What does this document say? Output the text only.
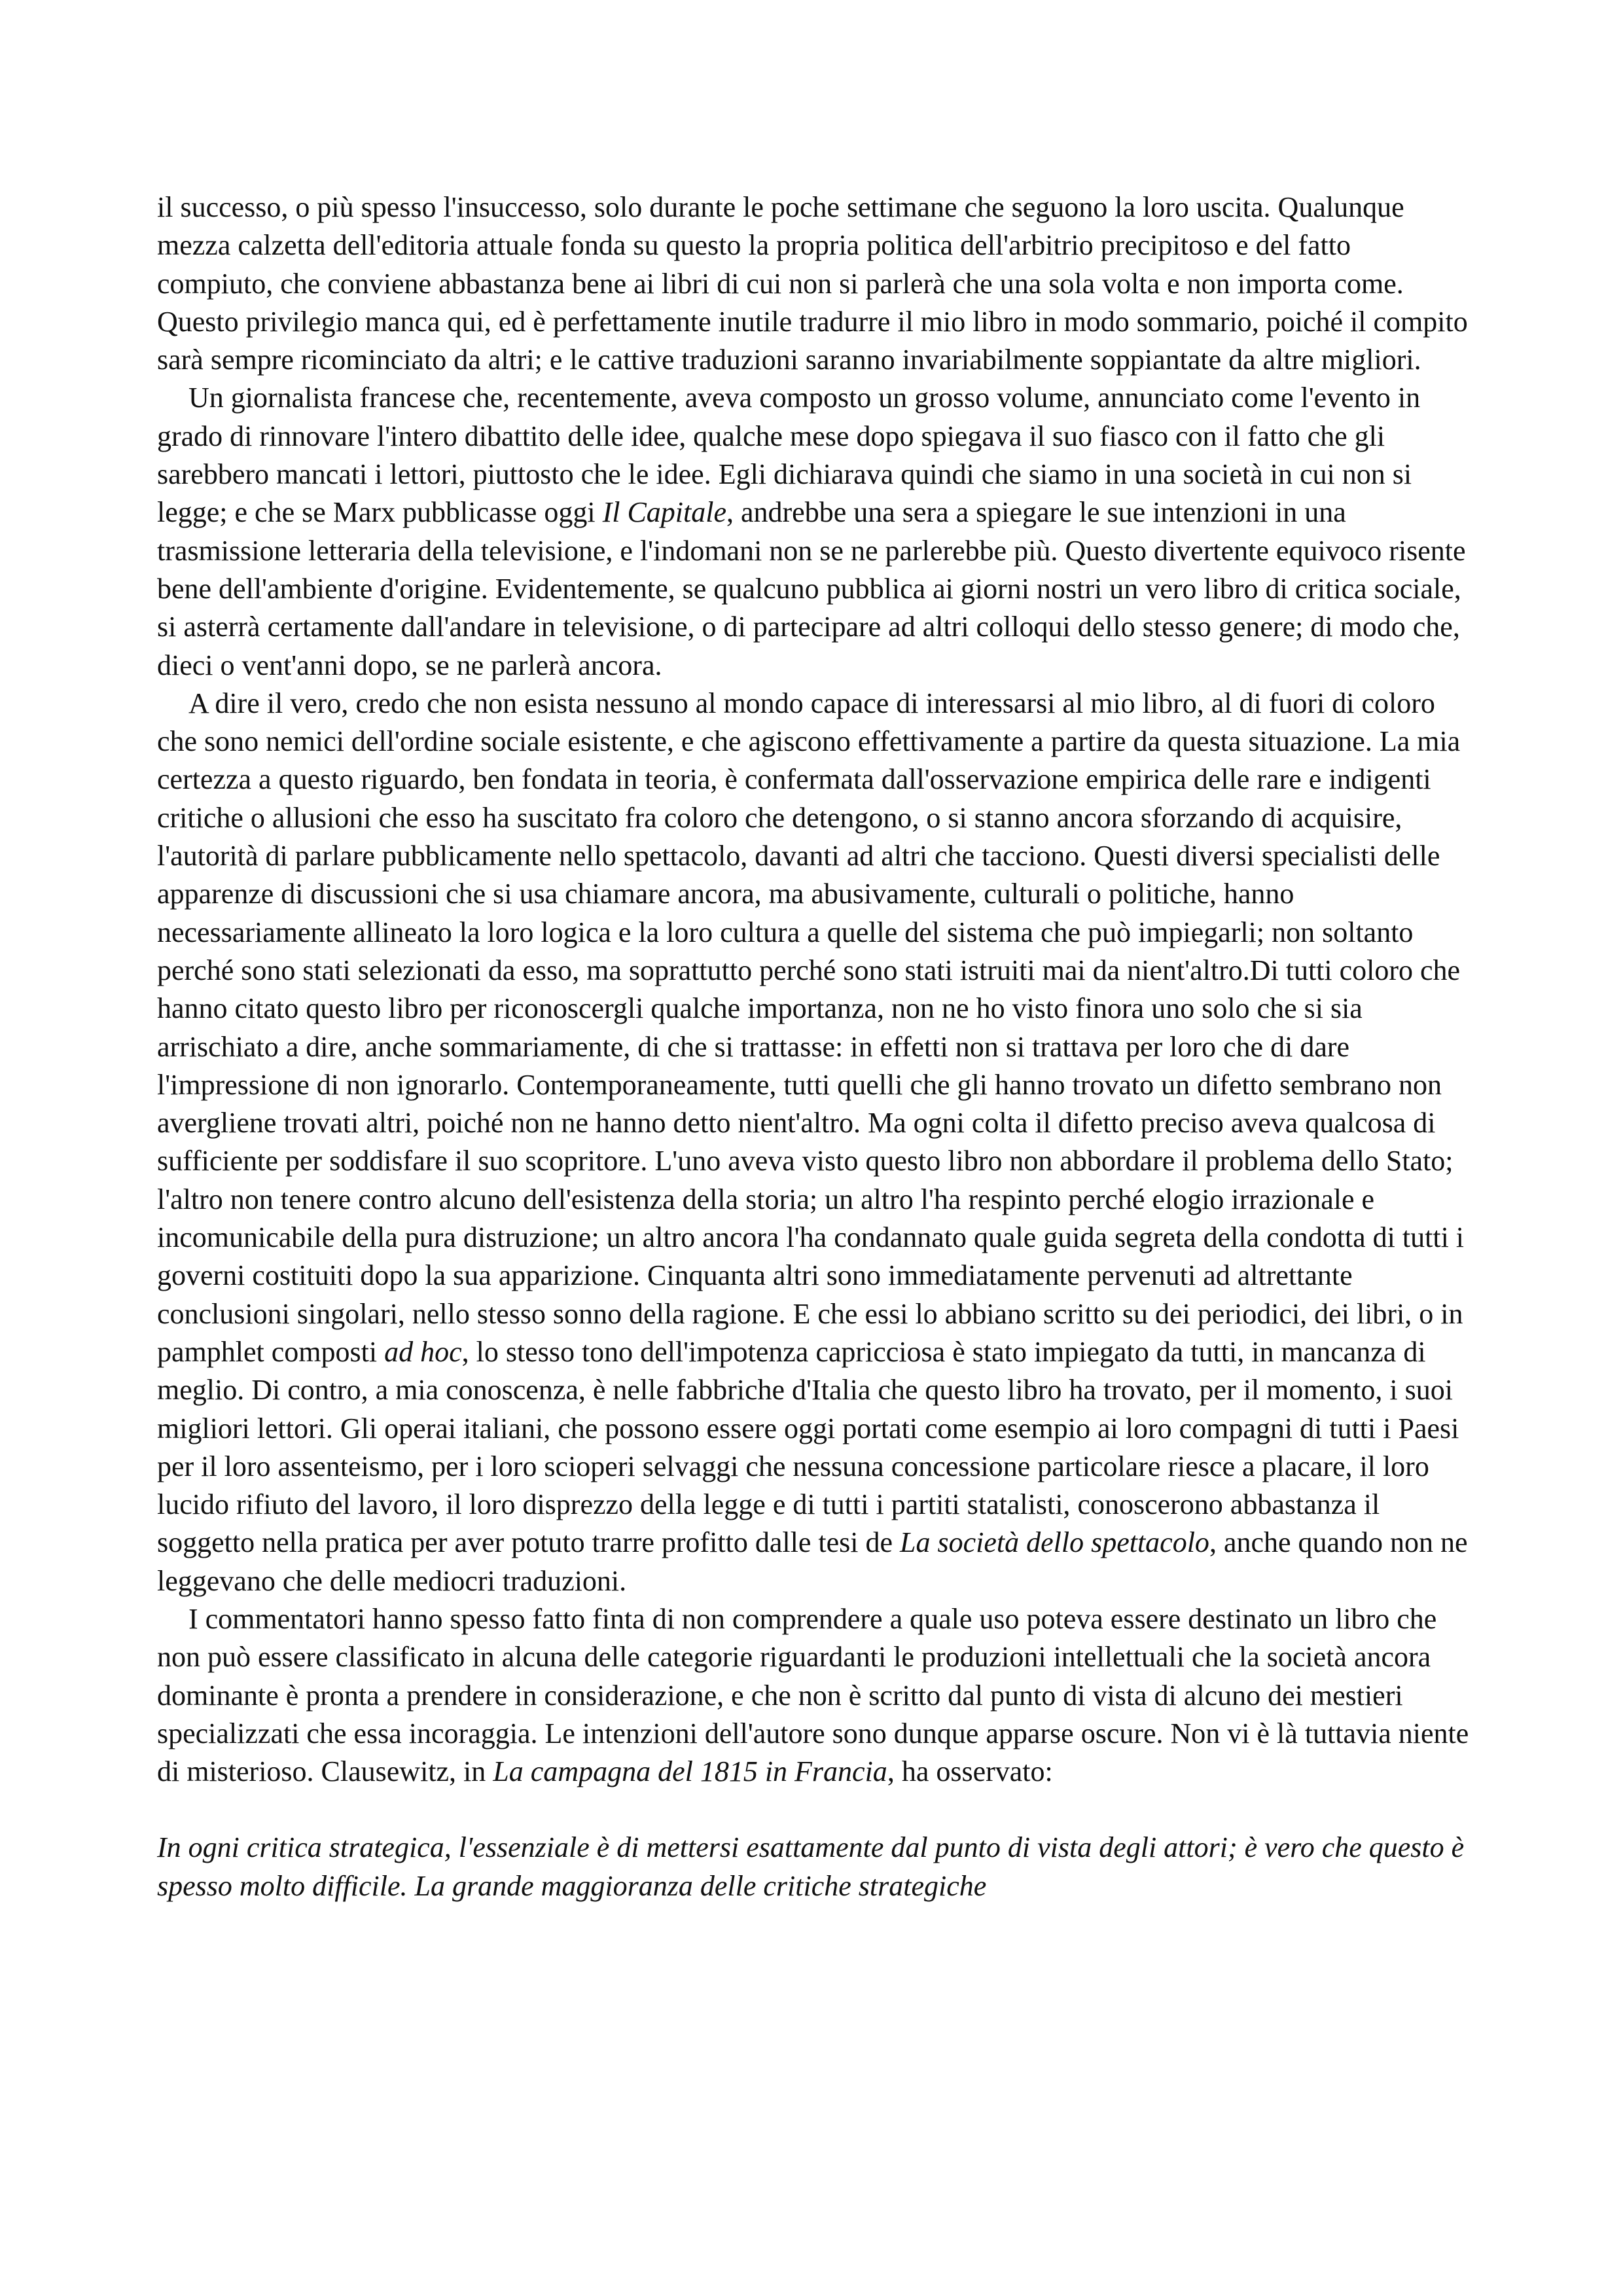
il successo, o più spesso l'insuccesso, solo durante le poche settimane che seguono la loro uscita. Qualunque mezza calzetta dell'editoria attuale fonda su questo la propria politica dell'arbitrio precipitoso e del fatto compiuto, che conviene abbastanza bene ai libri di cui non si parlerà che una sola volta e non importa come. Questo privilegio manca qui, ed è perfettamente inutile tradurre il mio libro in modo sommario, poiché il compito sarà sempre ricominciato da altri; e le cattive traduzioni saranno invariabilmente soppiantate da altre migliori.

Un giornalista francese che, recentemente, aveva composto un grosso volume, annunciato come l'evento in grado di rinnovare l'intero dibattito delle idee, qualche mese dopo spiegava il suo fiasco con il fatto che gli sarebbero mancati i lettori, piuttosto che le idee. Egli dichiarava quindi che siamo in una società in cui non si legge; e che se Marx pubblicasse oggi Il Capitale, andrebbe una sera a spiegare le sue intenzioni in una trasmissione letteraria della televisione, e l'indomani non se ne parlerebbe più. Questo divertente equivoco risente bene dell'ambiente d'origine. Evidentemente, se qualcuno pubblica ai giorni nostri un vero libro di critica sociale, si asterrà certamente dall'andare in televisione, o di partecipare ad altri colloqui dello stesso genere; di modo che, dieci o vent'anni dopo, se ne parlerà ancora.

A dire il vero, credo che non esista nessuno al mondo capace di interessarsi al mio libro, al di fuori di coloro che sono nemici dell'ordine sociale esistente, e che agiscono effettivamente a partire da questa situazione. La mia certezza a questo riguardo, ben fondata in teoria, è confermata dall'osservazione empirica delle rare e indigenti critiche o allusioni che esso ha suscitato fra coloro che detengono, o si stanno ancora sforzando di acquisire, l'autorità di parlare pubblicamente nello spettacolo, davanti ad altri che tacciono. Questi diversi specialisti delle apparenze di discussioni che si usa chiamare ancora, ma abusivamente, culturali o politiche, hanno necessariamente allineato la loro logica e la loro cultura a quelle del sistema che può impiegarli; non soltanto perché sono stati selezionati da esso, ma soprattutto perché sono stati istruiti mai da nient'altro.Di tutti coloro che hanno citato questo libro per riconoscergli qualche importanza, non ne ho visto finora uno solo che si sia arrischiato a dire, anche sommariamente, di che si trattasse: in effetti non si trattava per loro che di dare l'impressione di non ignorarlo. Contemporaneamente, tutti quelli che gli hanno trovato un difetto sembrano non avergliene trovati altri, poiché non ne hanno detto nient'altro. Ma ogni colta il difetto preciso aveva qualcosa di sufficiente per soddisfare il suo scopritore. L'uno aveva visto questo libro non abbordare il problema dello Stato; l'altro non tenere contro alcuno dell'esistenza della storia; un altro l'ha respinto perché elogio irrazionale e incomunicabile della pura distruzione; un altro ancora l'ha condannato quale guida segreta della condotta di tutti i governi costituiti dopo la sua apparizione. Cinquanta altri sono immediatamente pervenuti ad altrettante conclusioni singolari, nello stesso sonno della ragione. E che essi lo abbiano scritto su dei periodici, dei libri, o in pamphlet composti ad hoc, lo stesso tono dell'impotenza capricciosa è stato impiegato da tutti, in mancanza di meglio. Di contro, a mia conoscenza, è nelle fabbriche d'Italia che questo libro ha trovato, per il momento, i suoi migliori lettori. Gli operai italiani, che possono essere oggi portati come esempio ai loro compagni di tutti i Paesi per il loro assenteismo, per i loro scioperi selvaggi che nessuna concessione particolare riesce a placare, il loro lucido rifiuto del lavoro, il loro disprezzo della legge e di tutti i partiti statalisti, conoscerono abbastanza il soggetto nella pratica per aver potuto trarre profitto dalle tesi de La società dello spettacolo, anche quando non ne leggevano che delle mediocri traduzioni.

I commentatori hanno spesso fatto finta di non comprendere a quale uso poteva essere destinato un libro che non può essere classificato in alcuna delle categorie riguardanti le produzioni intellettuali che la società ancora dominante è pronta a prendere in considerazione, e che non è scritto dal punto di vista di alcuno dei mestieri specializzati che essa incoraggia. Le intenzioni dell'autore sono dunque apparse oscure. Non vi è là tuttavia niente di misterioso. Clausewitz, in La campagna del 1815 in Francia, ha osservato:

In ogni critica strategica, l'essenziale è di mettersi esattamente dal punto di vista degli attori; è vero che questo è spesso molto difficile. La grande maggioranza delle critiche strategiche
